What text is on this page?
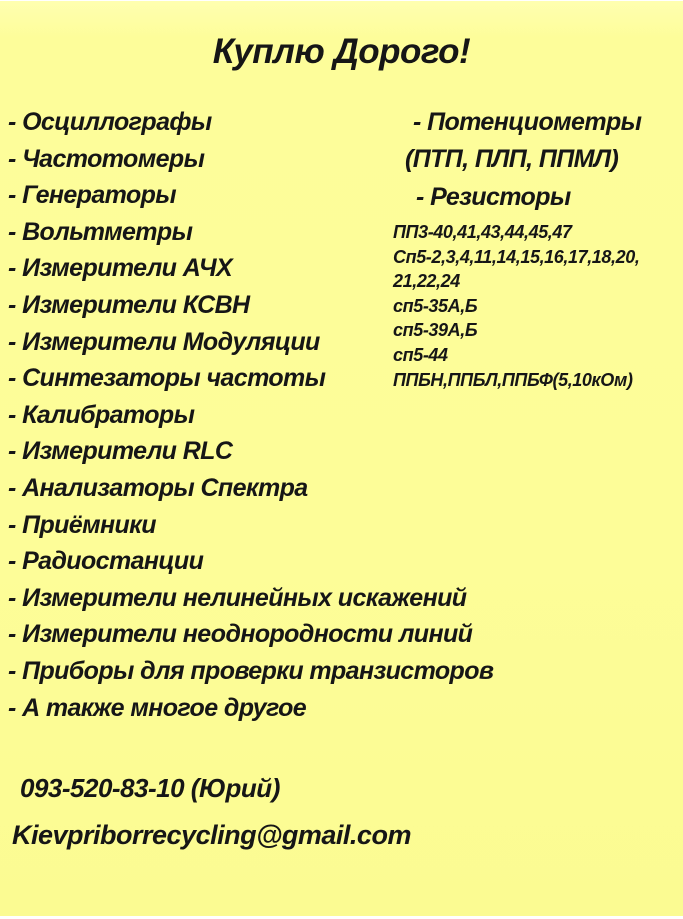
Куплю Дорого!
- Осциллографы
- Частотомеры
- Генераторы
- Вольтметры
- Измерители АЧХ
- Измерители КСВН
- Измерители Модуляции
- Синтезаторы частоты
- Калибраторы
- Измерители RLC
- Анализаторы Спектра
- Приёмники
- Радиостанции
- Измерители нелинейных искажений
- Измерители неоднородности линий
- Приборы для проверки транзисторов
- А также многое другое
- Потенциометры
(ПТП, ПЛП, ППМЛ)
- Резисторы
ПП3-40,41,43,44,45,47
Сп5-2,3,4,11,14,15,16,17,18,20,
21,22,24
сп5-35А,Б
сп5-39А,Б
сп5-44
ППБН,ППБЛ,ППБФ(5,10кОм)
093-520-83-10 (Юрий)
Kievpriborrecycling@gmail.com
